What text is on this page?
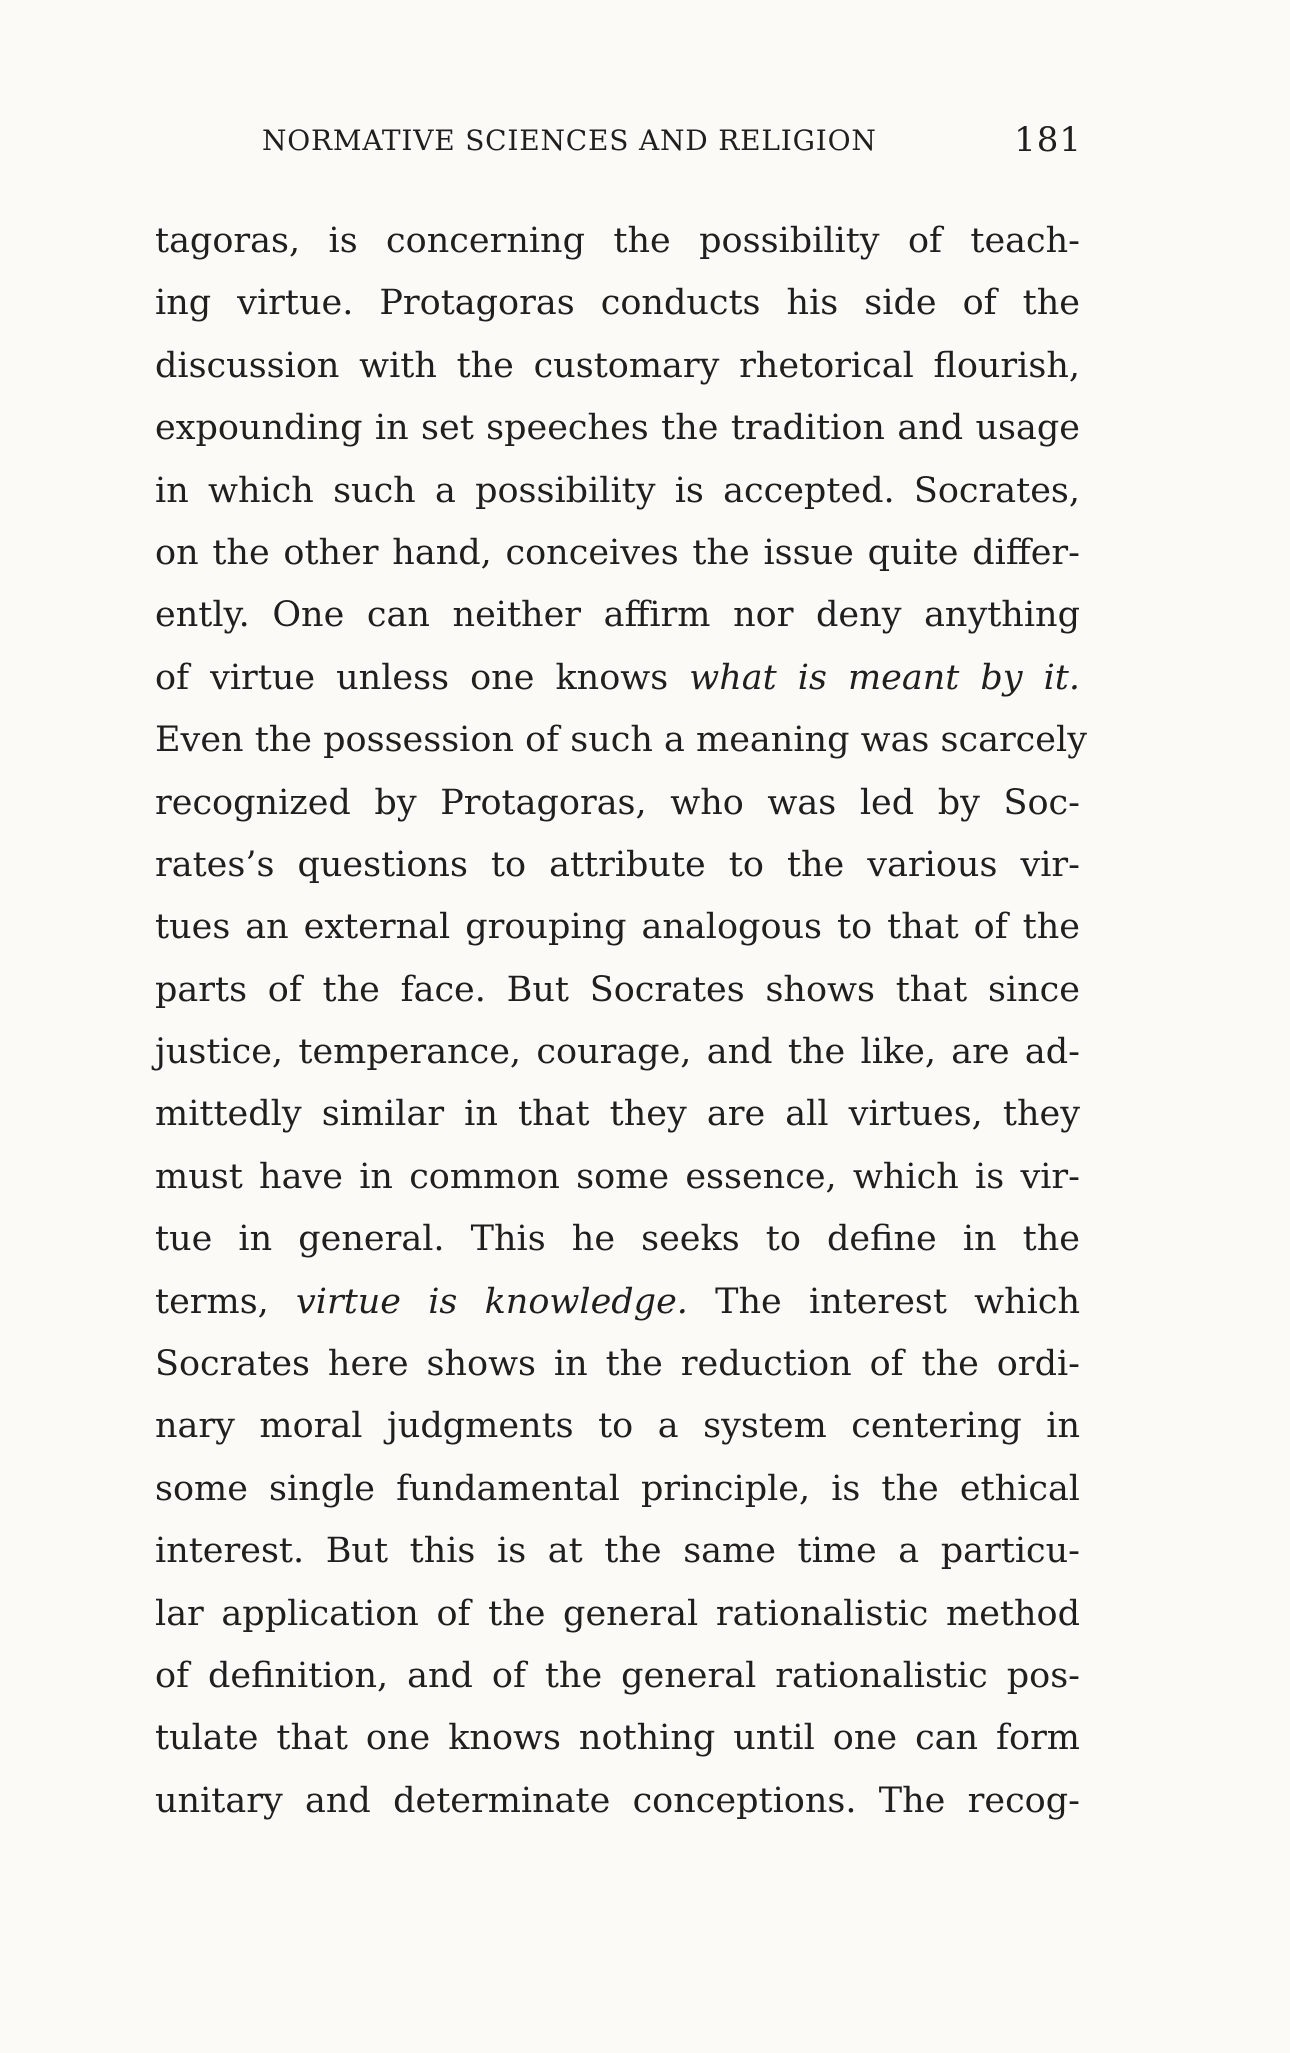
NORMATIVE SCIENCES AND RELIGION	181
tagoras, is concerning the possibility of teach-
ing virtue. Protagoras conducts his side of the
discussion with the customary rhetorical flourish,
expounding in set speeches the tradition and usage
in which such a possibility is accepted. Socrates,
on the other hand, conceives the issue quite differ-
ently. One can neither affirm nor deny anything
of virtue unless one knows what is meant by it.
Even the possession of such a meaning was scarcely
recognized by Protagoras, who was led by Soc-
rates’s questions to attribute to the various vir-
tues an external grouping analogous to that of the
parts of the face. But Socrates shows that since
justice, temperance, courage, and the like, are ad-
mittedly similar in that they are all virtues, they
must have in common some essence, which is vir-
tue in general. This he seeks to define in the
terms, virtue is knowledge. The interest which
Socrates here shows in the reduction of the ordi-
nary moral judgments to a system centering in
some single fundamental principle, is the ethical
interest. But this is at the same time a particu-
lar application of the general rationalistic method
of definition, and of the general rationalistic pos-
tulate that one knows nothing until one can form
unitary and determinate conceptions. The recog-
